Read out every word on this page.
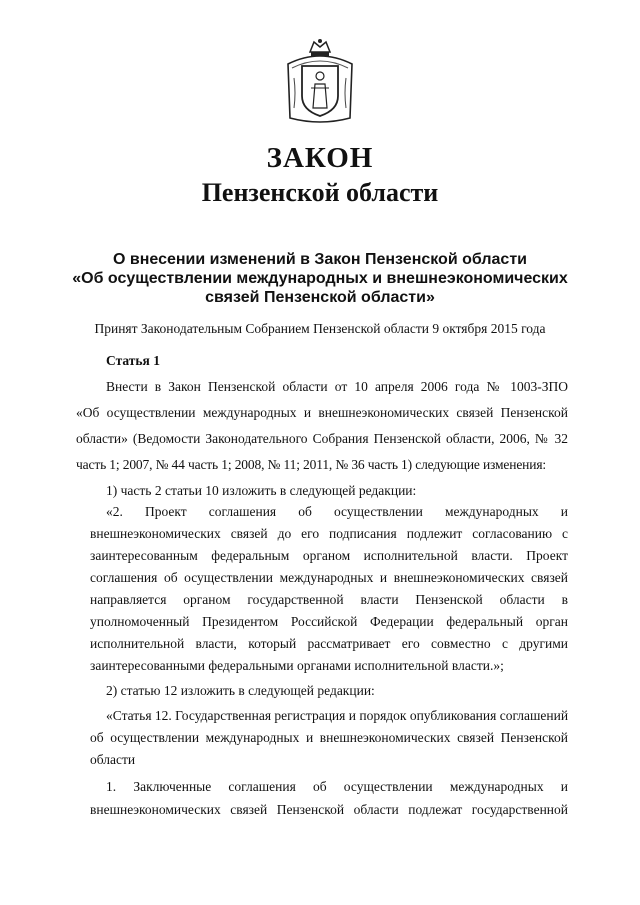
ЗАКОН
Пензенской области
О внесении изменений в Закон Пензенской области
«Об осуществлении международных и внешнеэкономических
связей Пензенской области»
Принят Законодательным Собранием Пензенской области 9 октября 2015 года
Статья 1
Внести в Закон Пензенской области от 10 апреля 2006 года № 1003-ЗПО
«Об осуществлении международных и внешнеэкономических связей Пензенской
области» (Ведомости Законодательного Собрания Пензенской области, 2006, № 32
часть 1; 2007, № 44 часть 1; 2008, № 11; 2011, № 36 часть 1) следующие изменения:
1) часть 2 статьи 10 изложить в следующей редакции:
«2. Проект соглашения об осуществлении международных и
внешнеэкономических связей до его подписания подлежит согласованию с
заинтересованным федеральным органом исполнительной власти. Проект
соглашения об осуществлении международных и внешнеэкономических связей
направляется органом государственной власти Пензенской области в
уполномоченный Президентом Российской Федерации федеральный орган
исполнительной власти, который рассматривает его совместно с другими
заинтересованными федеральными органами исполнительной власти.»;
2) статью 12 изложить в следующей редакции:
«Статья 12. Государственная регистрация и порядок опубликования соглашений
об осуществлении международных и внешнеэкономических связей Пензенской
области
1. Заключенные соглашения об осуществлении международных и
внешнеэкономических связей Пензенской области подлежат государственной
